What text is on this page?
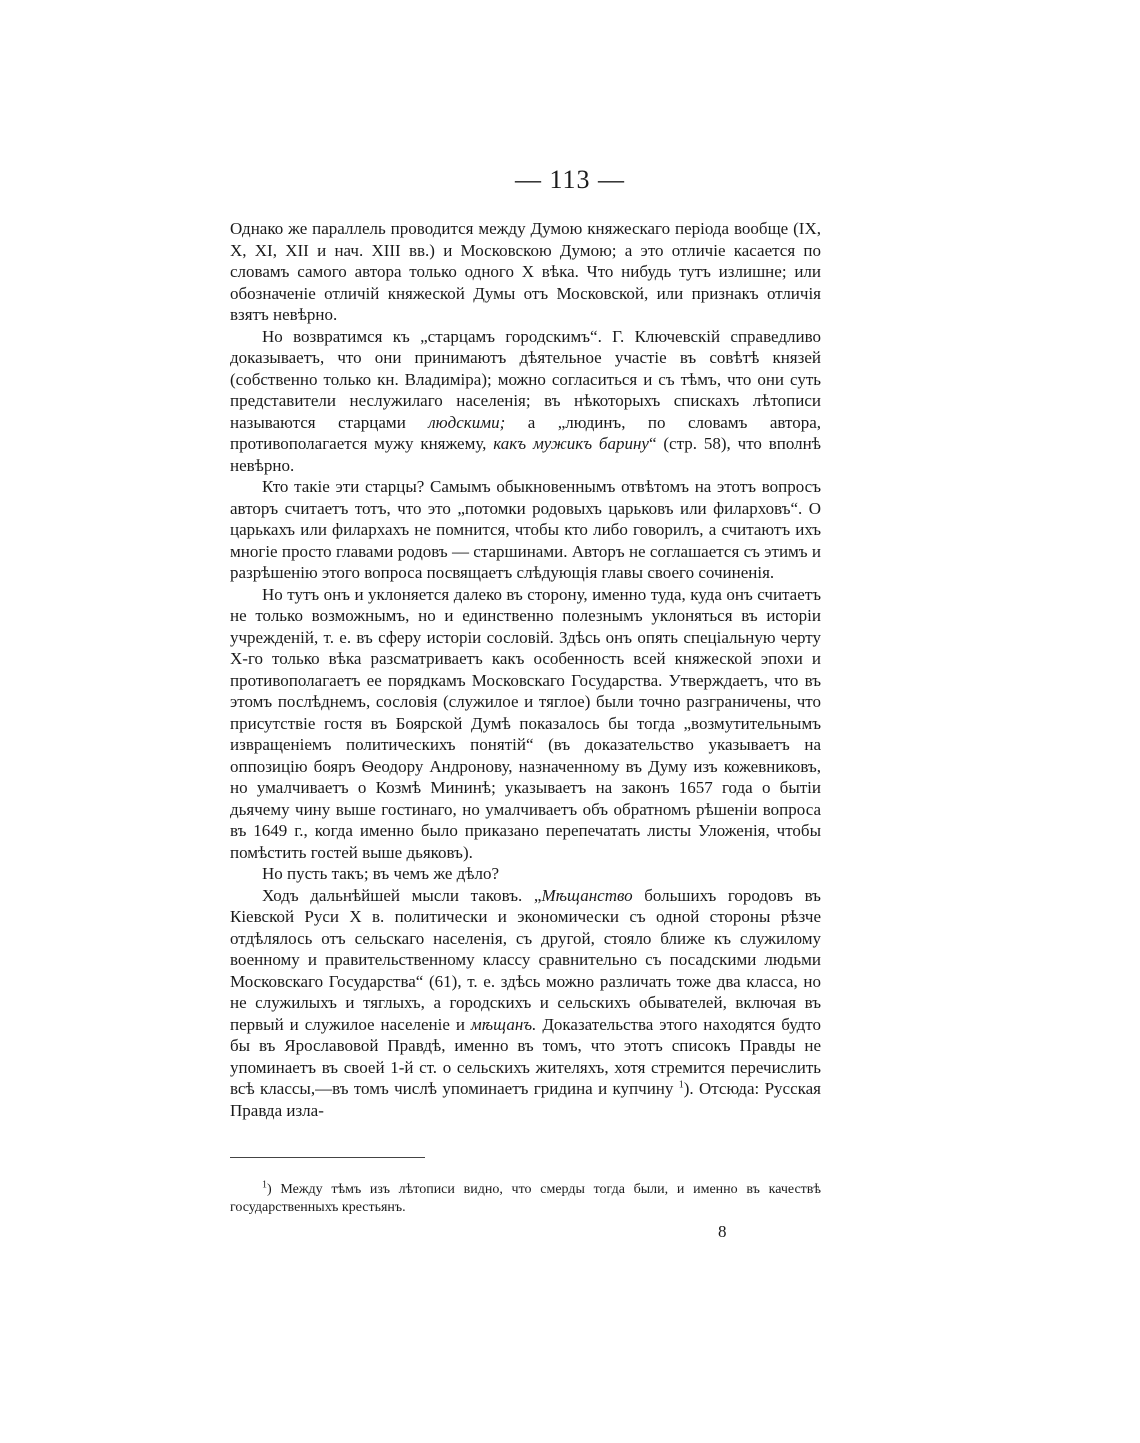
— 113 —

Однако же параллель проводится между Думою княжескаго періода вообще (IX, X, XI, XII и нач. XIII вв.) и Московскою Думою; а это отличіе касается по словамъ самого автора только одного X вѣка. Что нибудь тутъ излишне; или обозначеніе отличій княжеской Думы отъ Московской, или признакъ отличія взятъ невѣрно.

Но возвратимся къ „старцамъ городскимъ“. Г. Ключевскій справедливо доказываетъ, что они принимаютъ дѣятельное участіе въ совѣтѣ князей (собственно только кн. Владиміра); можно согласиться и съ тѣмъ, что они суть представители неслужилаго населенія; въ нѣкоторыхъ спискахъ лѣтописи называются старцами людскими; а „людинъ, по словамъ автора, противополагается мужу княжему, какъ мужикъ барину“ (стр. 58), что вполнѣ невѣрно.

Кто такіе эти старцы? Самымъ обыкновеннымъ отвѣтомъ на этотъ вопросъ авторъ считаетъ тотъ, что это „потомки родовыхъ царьковъ или филарховъ“. О царькахъ или филархахъ не помнится, чтобы кто либо говорилъ, а считаютъ ихъ многіе просто главами родовъ — старшинами. Авторъ не соглашается съ этимъ и разрѣшенію этого вопроса посвящаетъ слѣдующія главы своего сочиненія.

Но тутъ онъ и уклоняется далеко въ сторону, именно туда, куда онъ считаетъ не только возможнымъ, но и единственно полезнымъ уклоняться въ исторіи учрежденій, т. е. въ сферу исторіи сословій. Здѣсь онъ опять спеціальную черту X-го только вѣка разсматриваетъ какъ особенность всей княжеской эпохи и противополагаетъ ее порядкамъ Московскаго Государства. Утверждаетъ, что въ этомъ послѣднемъ, сословія (служилое и тяглое) были точно разграничены, что присутствіе гостя въ Боярской Думѣ показалось бы тогда „возмутительнымъ извращеніемъ политическихъ понятій“ (въ доказательство указываетъ на оппозицію бояръ Ѳеодору Андронову, назначенному въ Думу изъ кожевниковъ, но умалчиваетъ о Козмѣ Мининѣ; указываетъ на законъ 1657 года о бытіи дьячему чину выше гостинаго, но умалчиваетъ объ обратномъ рѣшеніи вопроса въ 1649 г., когда именно было приказано перепечатать листы Уложенія, чтобы помѣстить гостей выше дьяковъ).

Но пусть такъ; въ чемъ же дѣло?

Ходъ дальнѣйшей мысли таковъ. „Мѣщанство большихъ городовъ въ Кіевской Руси X в. политически и экономически съ одной стороны рѣзче отдѣлялось отъ сельскаго населенія, съ другой, стояло ближе къ служилому военному и правительственному классу сравнительно съ посадскими людьми Московскаго Государства“ (61), т. е. здѣсь можно различать тоже два класса, но не служилыхъ и тяглыхъ, а городскихъ и сельскихъ обывателей, включая въ первый и служилое населеніе и мѣщанъ. Доказательства этого находятся будто бы въ Ярославовой Правдѣ, именно въ томъ, что этотъ списокъ Правды не упоминаетъ въ своей 1-й ст. о сельскихъ жителяхъ, хотя стремится перечислить всѣ классы,—въ томъ числѣ упоминаетъ гридина и купчину $^1$). Отсюда: Русская Правда изла-

$^1$) Между тѣмъ изъ лѣтописи видно, что смерды тогда были, и именно въ качествѣ государственныхъ крестьянъ.
8
